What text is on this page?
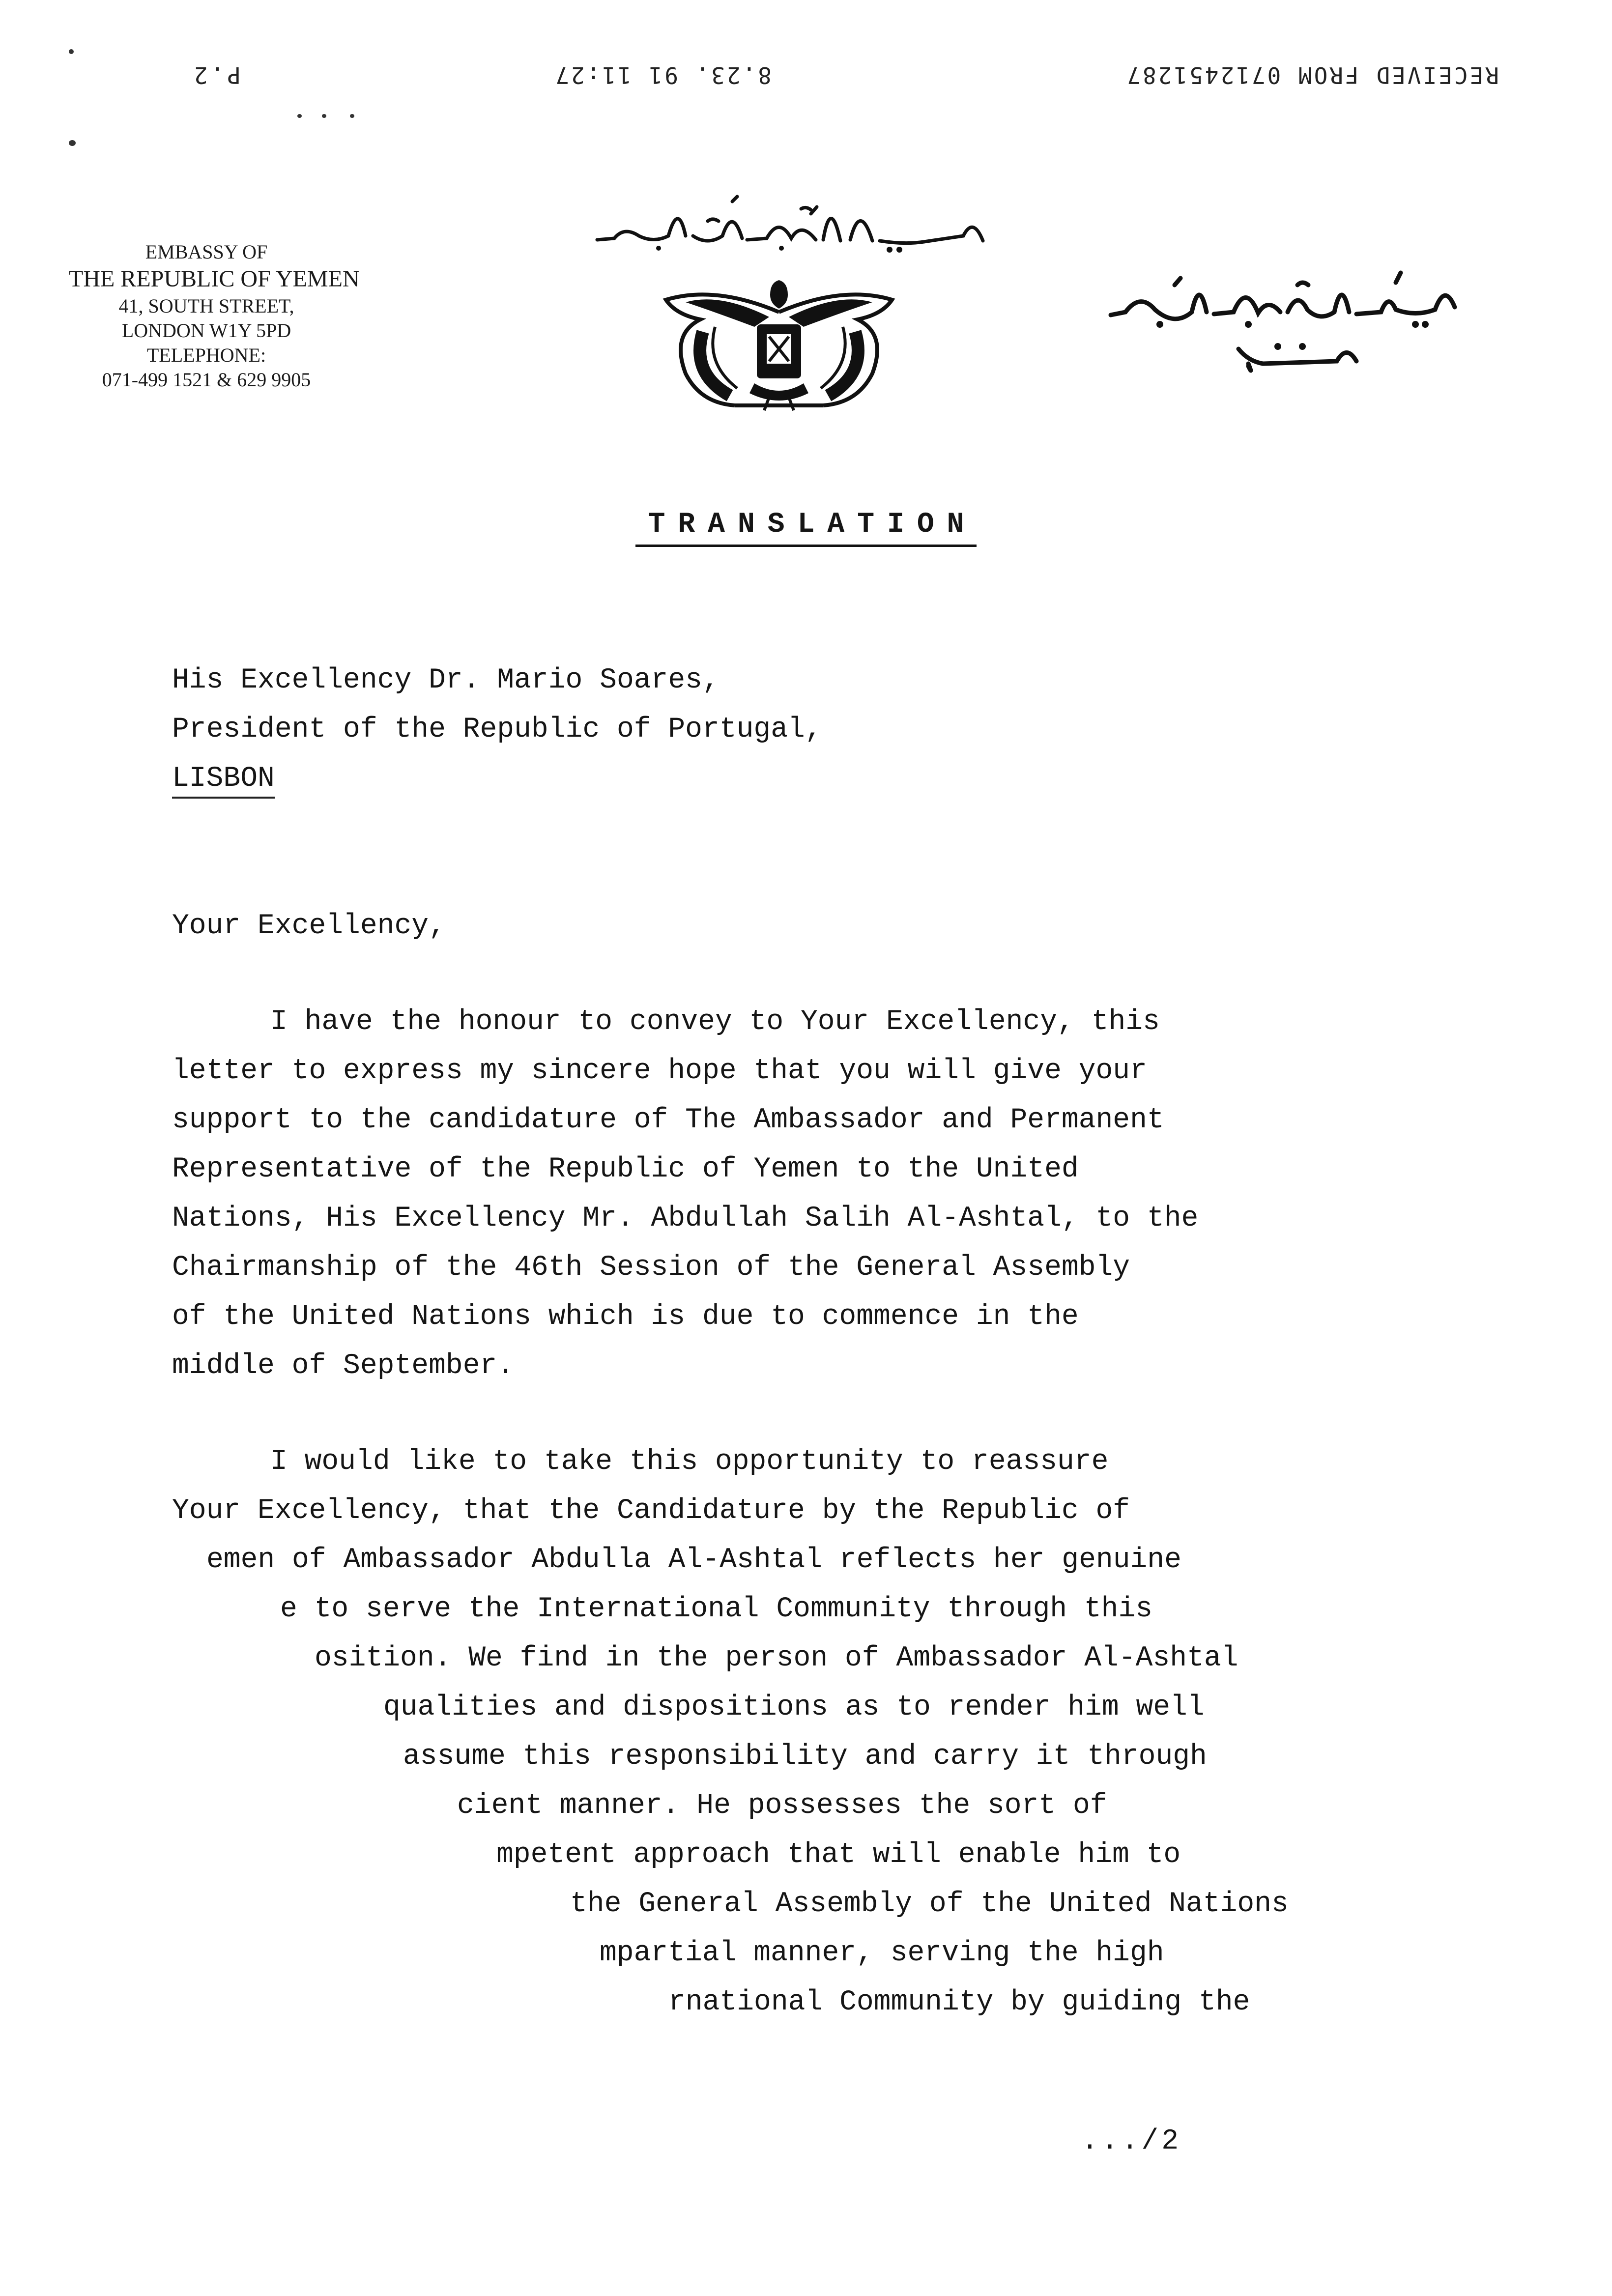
RECEIVED FROM 0712451287
8.23. 91 11:27
P.2
EMBASSY OF
THE REPUBLIC OF YEMEN
41, SOUTH STREET,
LONDON W1Y 5PD
TELEPHONE:
071-499 1521 & 629 9905
TRANSLATION
His Excellency Dr. Mario Soares,
President of the Republic of Portugal,
LISBON
Your Excellency,
I have the honour to convey to Your Excellency, this
letter to express my sincere hope that you will give your
support to the candidature of The Ambassador and Permanent
Representative of the Republic of Yemen to the United
Nations, His Excellency Mr. Abdullah Salih Al-Ashtal, to the
Chairmanship of the 46th Session of the General Assembly
of the United Nations which is due to commence in the
middle of September.
I would like to take this opportunity to reassure
Your Excellency, that the Candidature by the Republic of
emen of Ambassador Abdulla Al-Ashtal reflects her genuine
e to serve the International Community through this
osition. We find in the person of Ambassador Al-Ashtal
qualities and dispositions as to render him well
assume this responsibility and carry it through
cient manner. He possesses the sort of
mpetent approach that will enable him to
the General Assembly of the United Nations
mpartial manner, serving the high
rnational Community by guiding the
.../2
